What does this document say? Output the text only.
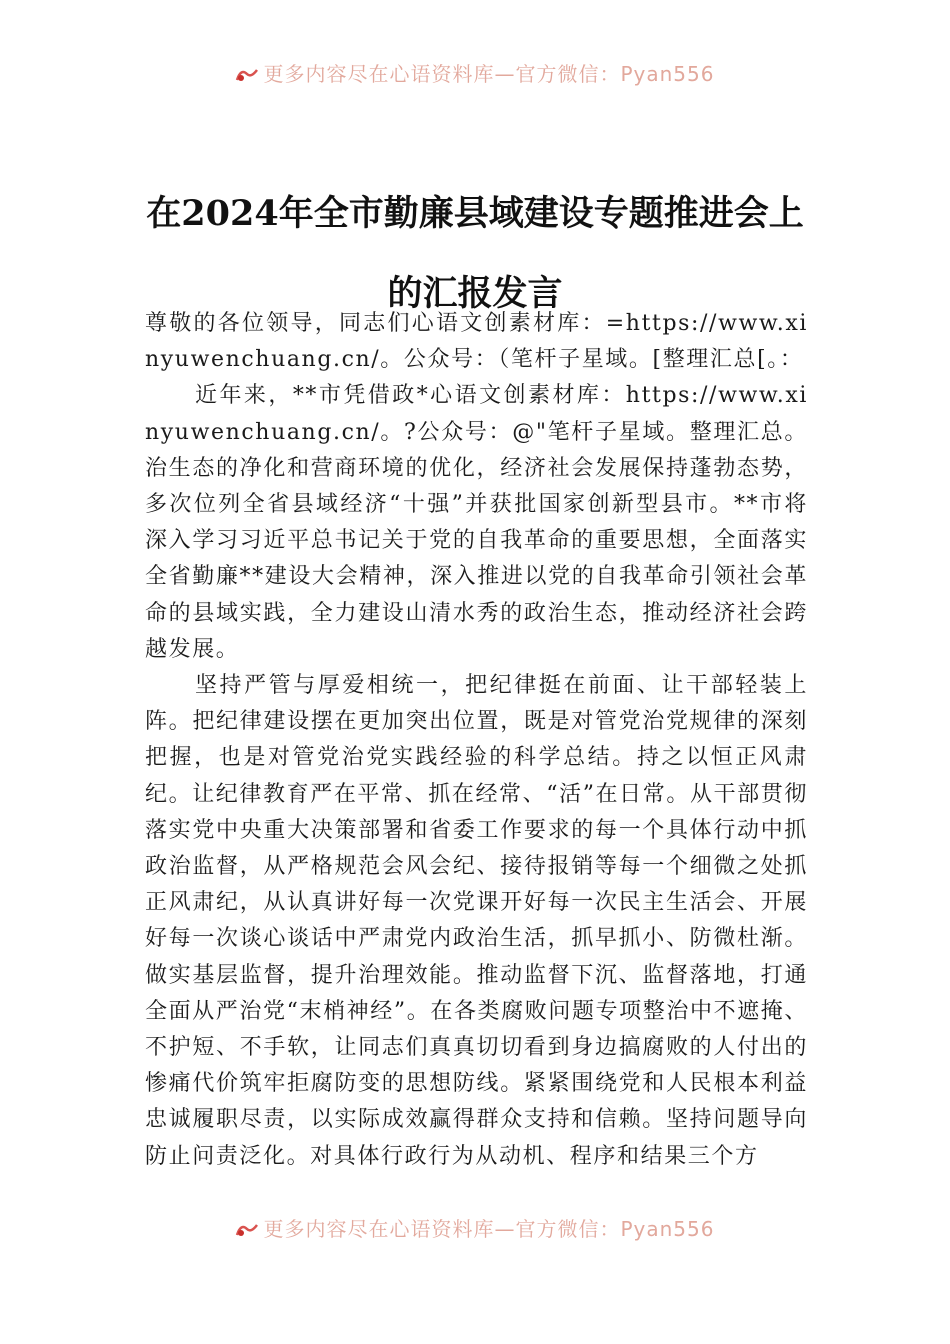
更多内容尽在心语资料库—官方微信：Pyan556
在2024年全市勤廉县域建设专题推进会上
的汇报发言

尊敬的各位领导，同志们心语文创素材库：=https://www.xinyuwenchuang.cn/。公众号：（笔杆子星域。[整理汇总[。：

近年来，**市凭借政*心语文创素材库：https://www.xinyuwenchuang.cn/。?公众号：@"笔杆子星域。整理汇总。治生态的净化和营商环境的优化，经济社会发展保持蓬勃态势，多次位列全省县域经济“十强”并获批国家创新型县市。**市将深入学习习近平总书记关于党的自我革命的重要思想，全面落实全省勤廉**建设大会精神，深入推进以党的自我革命引领社会革命的县域实践，全力建设山清水秀的政治生态，推动经济社会跨越发展。

坚持严管与厚爱相统一，把纪律挺在前面、让干部轻装上阵。把纪律建设摆在更加突出位置，既是对管党治党规律的深刻把握，也是对管党治党实践经验的科学总结。持之以恒正风肃纪。让纪律教育严在平常、抓在经常、“活”在日常。从干部贯彻落实党中央重大决策部署和省委工作要求的每一个具体行动中抓政治监督，从严格规范会风会纪、接待报销等每一个细微之处抓正风肃纪，从认真讲好每一次党课开好每一次民主生活会、开展好每一次谈心谈话中严肃党内政治生活，抓早抓小、防微杜渐。做实基层监督，提升治理效能。推动监督下沉、监督落地，打通全面从严治党“末梢神经”。在各类腐败问题专项整治中不遮掩、不护短、不手软，让同志们真真切切看到身边搞腐败的人付出的惨痛代价筑牢拒腐防变的思想防线。紧紧围绕党和人民根本利益忠诚履职尽责，以实际成效赢得群众支持和信赖。坚持问题导向防止问责泛化。对具体行政行为从动机、程序和结果三个方

更多内容尽在心语资料库—官方微信：Pyan556
